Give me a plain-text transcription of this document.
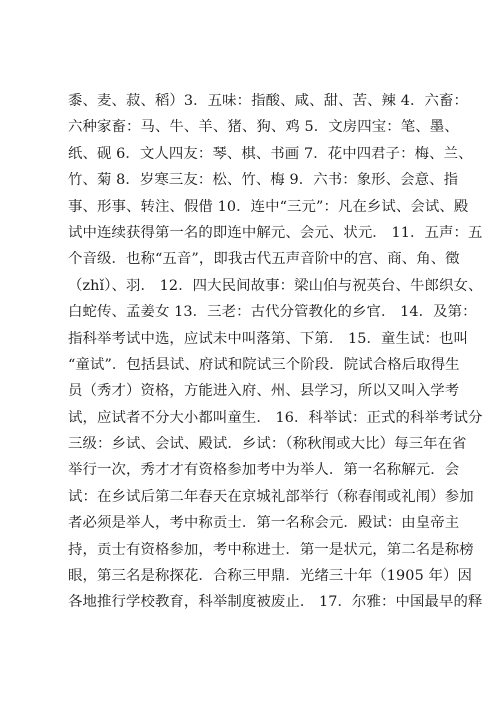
黍、麦、菽、稻）3．五味：指酸、咸、甜、苦、辣 4．六畜：
六种家畜：马、牛、羊、猪、狗、鸡 5．文房四宝：笔、墨、
纸、砚 6．文人四友：琴、棋、书画 7．花中四君子：梅、兰、
竹、菊 8．岁寒三友：松、竹、梅 9．六书：象形、会意、指
事、形事、转注、假借 10．连中“三元”：凡在乡试、会试、殿
试中连续获得第一名的即连中解元、会元、状元． 11．五声：五
个音级．也称“五音”，即我古代五声音阶中的宫、商、角、徵
（zhǐ）、羽． 12．四大民间故事：梁山伯与祝英台、牛郎织女、
白蛇传、孟姜女 13．三老：古代分管教化的乡官． 14．及第：
指科举考试中选，应试未中叫落第、下第． 15．童生试：也叫
“童试”．包括县试、府试和院试三个阶段．院试合格后取得生
员（秀才）资格，方能进入府、州、县学习，所以又叫入学考
试，应试者不分大小都叫童生． 16．科举试：正式的科举考试分
三级：乡试、会试、殿试．乡试：（称秋闱或大比）每三年在省
举行一次，秀才才有资格参加考中为举人．第一名称解元．会
试：在乡试后第二年春天在京城礼部举行（称春闱或礼闱）参加
者必须是举人，考中称贡士．第一名称会元．殿试：由皇帝主
持，贡士有资格参加，考中称进士．第一是状元，第二名是称榜
眼，第三名是称探花．合称三甲鼎．光绪三十年（1905 年）因
各地推行学校教育，科举制度被废止． 17．尔雅：中国最早的释
